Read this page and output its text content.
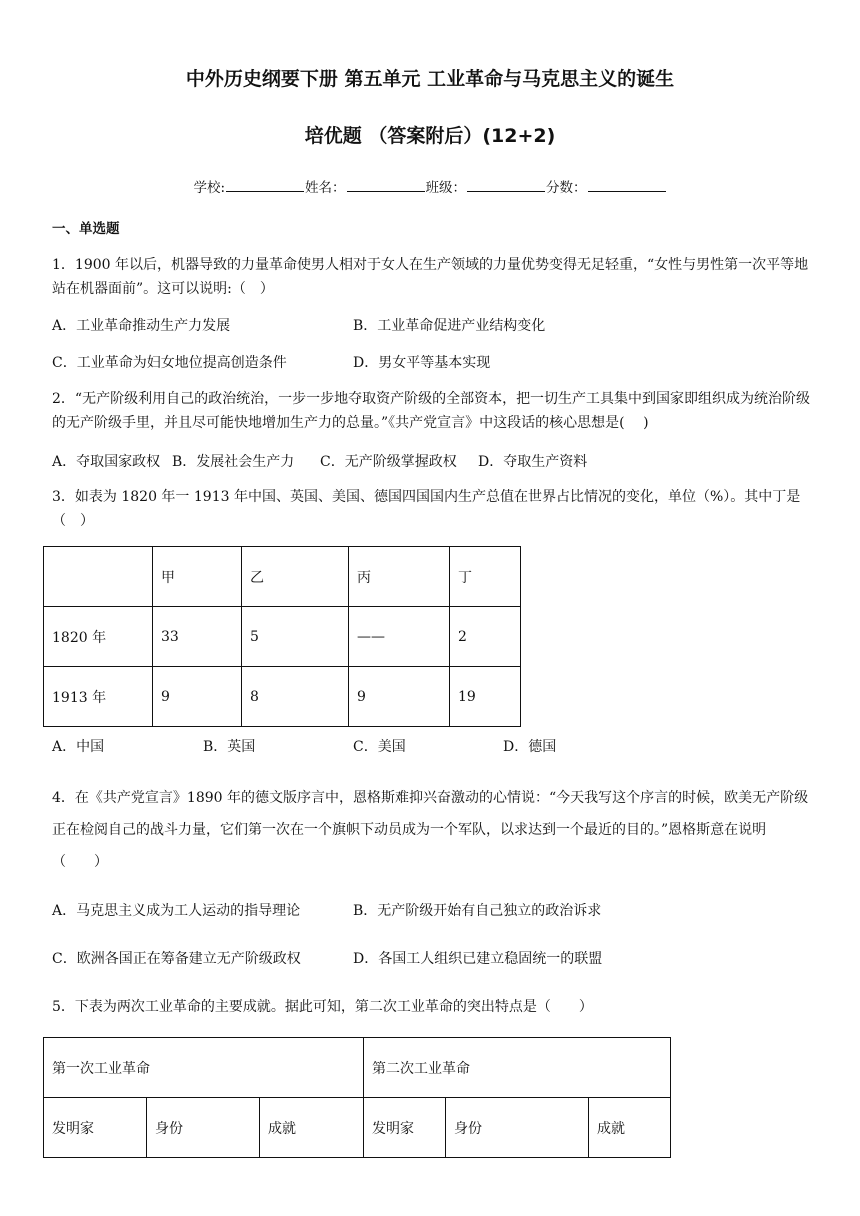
中外历史纲要下册 第五单元 工业革命与马克思主义的诞生
培优题 （答案附后）(12+2)
学校:	姓名：	班级：	分数：
一、单选题
1．1900 年以后，机器导致的力量革命使男人相对于女人在生产领域的力量优势变得无足轻重，“女性与男性第一次平等地站在机器面前”。这可以说明:（　）
A．工业革命推动生产力发展	B．工业革命促进产业结构变化
C．工业革命为妇女地位提高创造条件	D．男女平等基本实现
2．“无产阶级利用自己的政治统治，一步一步地夺取资产阶级的全部资本，把一切生产工具集中到国家即组织成为统治阶级的无产阶级手里，并且尽可能快地增加生产力的总量。”《共产党宣言》中这段话的核心思想是(　 )
A．夺取国家政权 B．发展社会生产力 C．无产阶级掌握政权 D．夺取生产资料
3．如表为 1820 年一 1913 年中国、英国、美国、德国四国国内生产总值在世界占比情况的变化，单位（%）。其中丁是（　）
	甲	乙	丙	丁
1820 年	33	5	——	2
1913 年	9	8	9	19
A．中国	B．英国	C．美国	D．德国
4．在《共产党宣言》1890 年的德文版序言中，恩格斯难抑兴奋激动的心情说：“今天我写这个序言的时候，欧美无产阶级正在检阅自己的战斗力量，它们第一次在一个旗帜下动员成为一个军队，以求达到一个最近的目的。”恩格斯意在说明（　　）
A．马克思主义成为工人运动的指导理论	B．无产阶级开始有自己独立的政治诉求
C．欧洲各国正在筹备建立无产阶级政权	D．各国工人组织已建立稳固统一的联盟
5．下表为两次工业革命的主要成就。据此可知，第二次工业革命的突出特点是（　　）
第一次工业革命			第二次工业革命		
发明家	身份	成就	发明家	身份	成就
